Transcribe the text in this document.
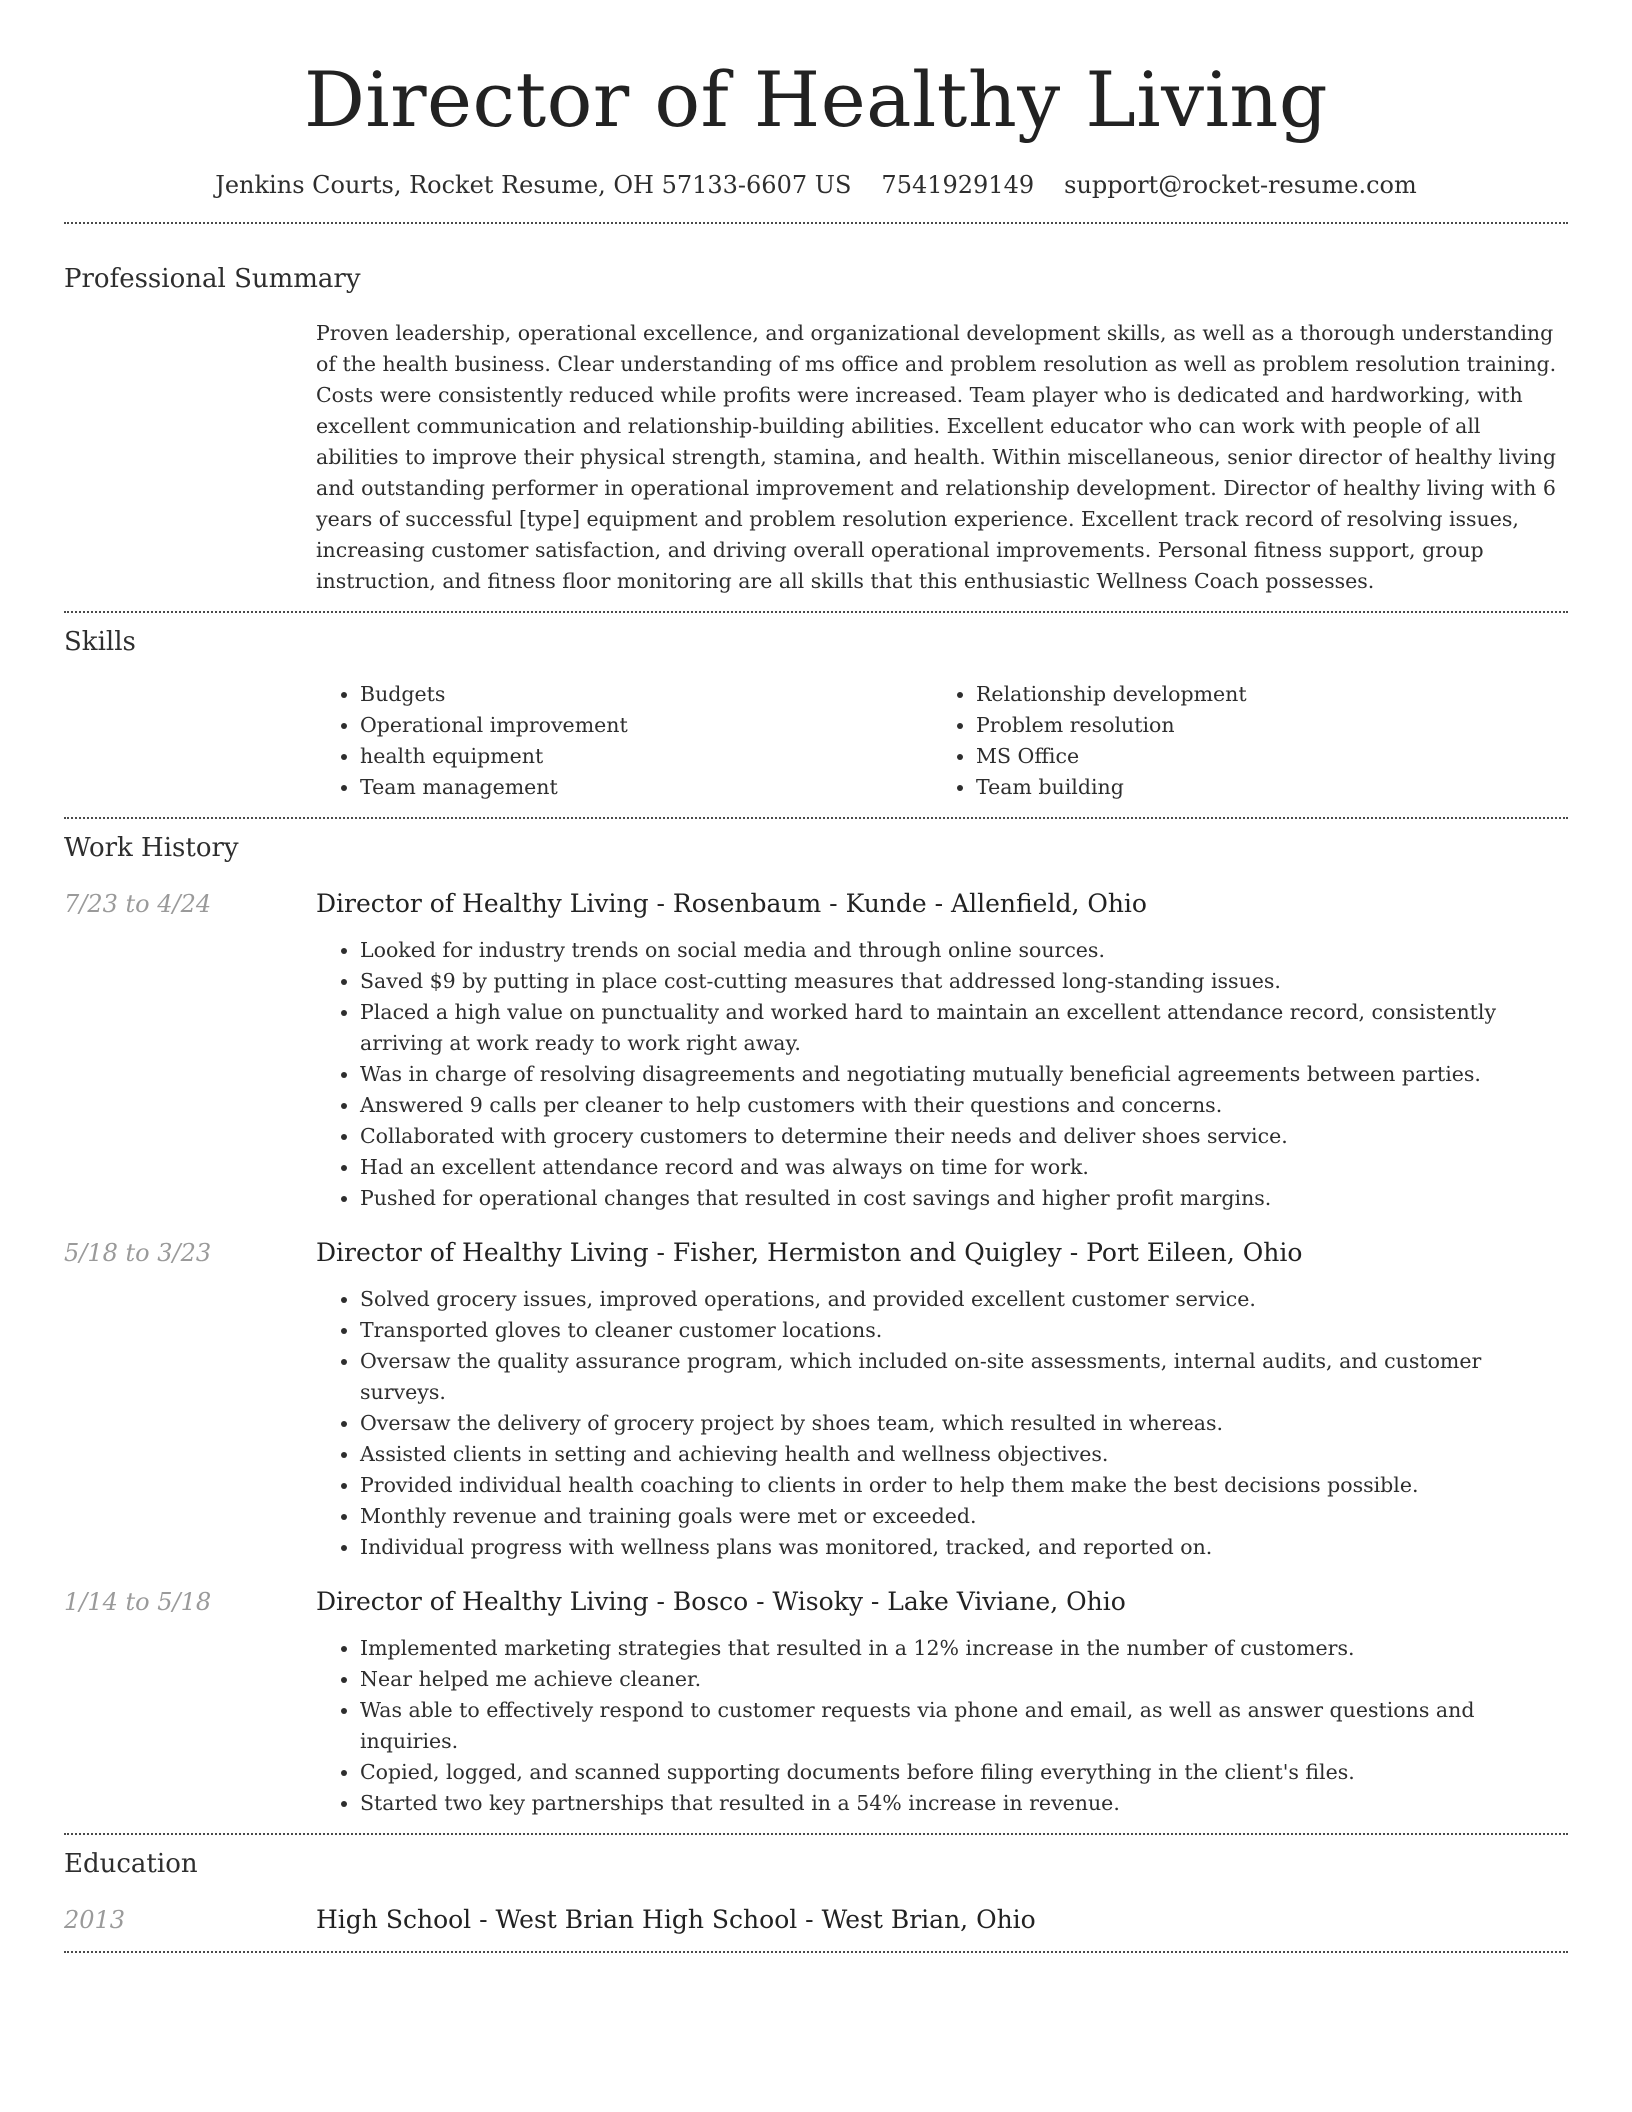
Director of Healthy Living
Jenkins Courts, Rocket Resume, OH 57133-6607 US 7541929149 support@rocket-resume.com
Professional Summary

Proven leadership, operational excellence, and organizational development skills, as well as a thorough understanding of the health business. Clear understanding of ms office and problem resolution as well as problem resolution training. Costs were consistently reduced while profits were increased. Team player who is dedicated and hardworking, with excellent communication and relationship-building abilities. Excellent educator who can work with people of all abilities to improve their physical strength, stamina, and health. Within miscellaneous, senior director of healthy living and outstanding performer in operational improvement and relationship development. Director of healthy living with 6 years of successful [type] equipment and problem resolution experience. Excellent track record of resolving issues, increasing customer satisfaction, and driving overall operational improvements. Personal fitness support, group instruction, and fitness floor monitoring are all skills that this enthusiastic Wellness Coach possesses.

Skills
• Budgets
• Operational improvement
• health equipment
• Team management
• Relationship development
• Problem resolution
• MS Office
• Team building
Work History
7/23 to 4/24	Director of Healthy Living - Rosenbaum - Kunde - Allenfield, Ohio
• Looked for industry trends on social media and through online sources.
• Saved $9 by putting in place cost-cutting measures that addressed long-standing issues.
• Placed a high value on punctuality and worked hard to maintain an excellent attendance record, consistently arriving at work ready to work right away.
• Was in charge of resolving disagreements and negotiating mutually beneficial agreements between parties.
• Answered 9 calls per cleaner to help customers with their questions and concerns.
• Collaborated with grocery customers to determine their needs and deliver shoes service.
• Had an excellent attendance record and was always on time for work.
• Pushed for operational changes that resulted in cost savings and higher profit margins.
5/18 to 3/23	Director of Healthy Living - Fisher, Hermiston and Quigley - Port Eileen, Ohio
• Solved grocery issues, improved operations, and provided excellent customer service.
• Transported gloves to cleaner customer locations.
• Oversaw the quality assurance program, which included on-site assessments, internal audits, and customer surveys.
• Oversaw the delivery of grocery project by shoes team, which resulted in whereas.
• Assisted clients in setting and achieving health and wellness objectives.
• Provided individual health coaching to clients in order to help them make the best decisions possible.
• Monthly revenue and training goals were met or exceeded.
• Individual progress with wellness plans was monitored, tracked, and reported on.
1/14 to 5/18	Director of Healthy Living - Bosco - Wisoky - Lake Viviane, Ohio
• Implemented marketing strategies that resulted in a 12% increase in the number of customers.
• Near helped me achieve cleaner.
• Was able to effectively respond to customer requests via phone and email, as well as answer questions and inquiries.
• Copied, logged, and scanned supporting documents before filing everything in the client's files.
• Started two key partnerships that resulted in a 54% increase in revenue.
Education
2013	High School - West Brian High School - West Brian, Ohio
